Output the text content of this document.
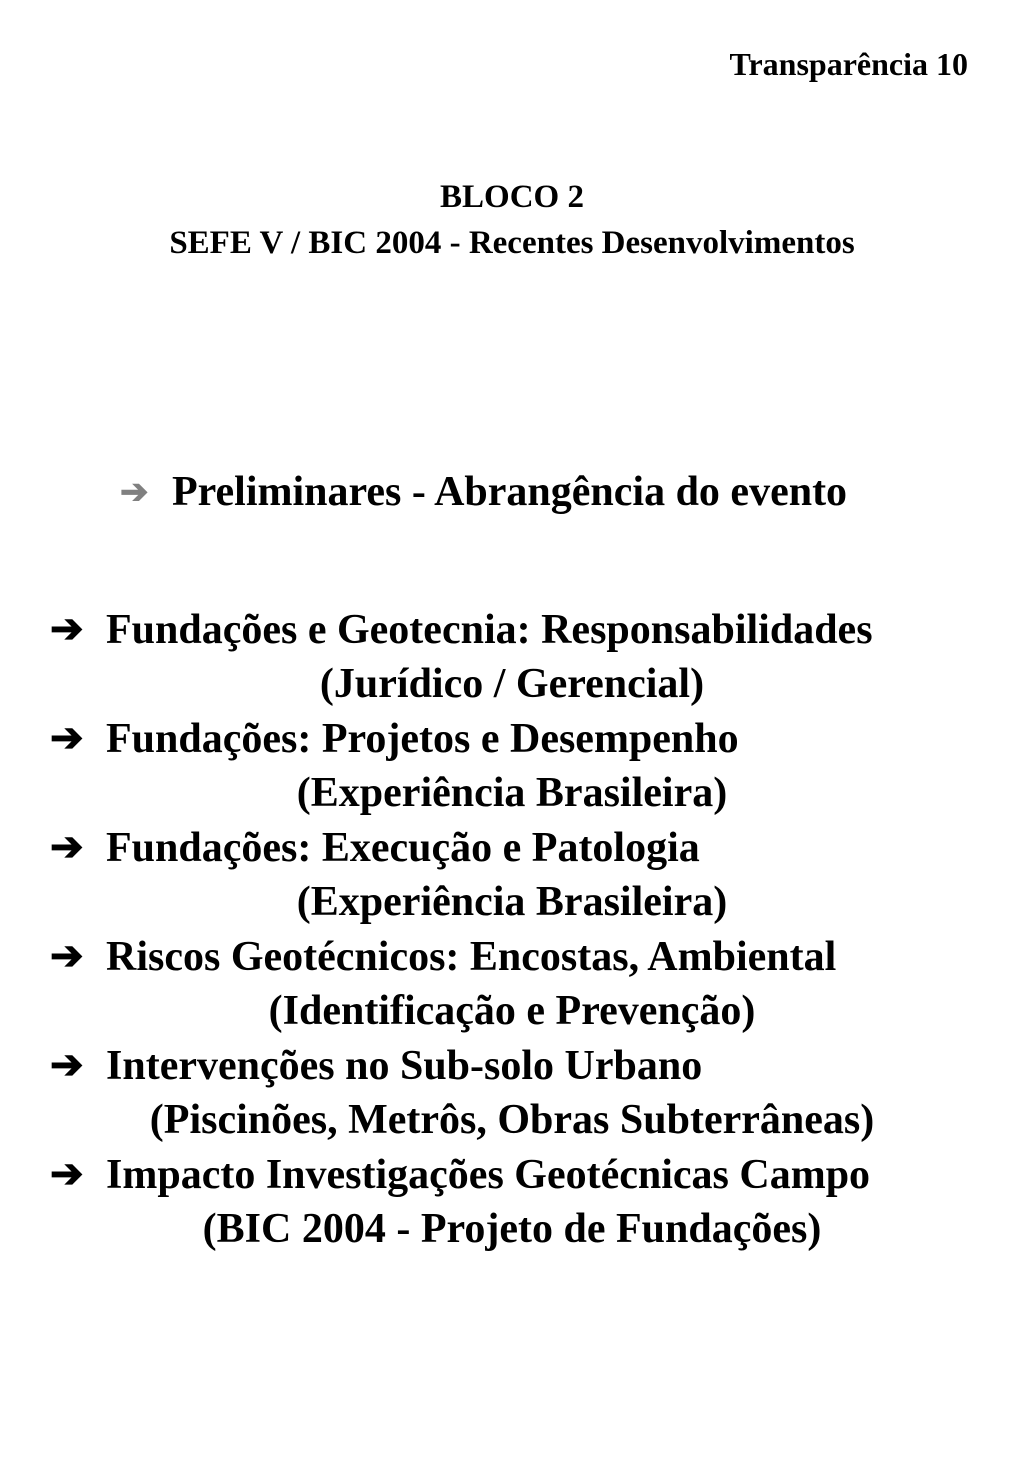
Transparência 10
BLOCO 2
SEFE V / BIC 2004 - Recentes Desenvolvimentos
➔ Preliminares - Abrangência do evento
➔ Fundações e Geotecnia: Responsabilidades
(Jurídico / Gerencial)
➔ Fundações: Projetos e Desempenho
(Experiência Brasileira)
➔ Fundações: Execução e Patologia
(Experiência Brasileira)
➔ Riscos Geotécnicos: Encostas, Ambiental
(Identificação e Prevenção)
➔ Intervenções no Sub-solo Urbano
(Piscinões, Metrôs, Obras Subterrâneas)
➔ Impacto Investigações Geotécnicas Campo
(BIC 2004 - Projeto de Fundações)
